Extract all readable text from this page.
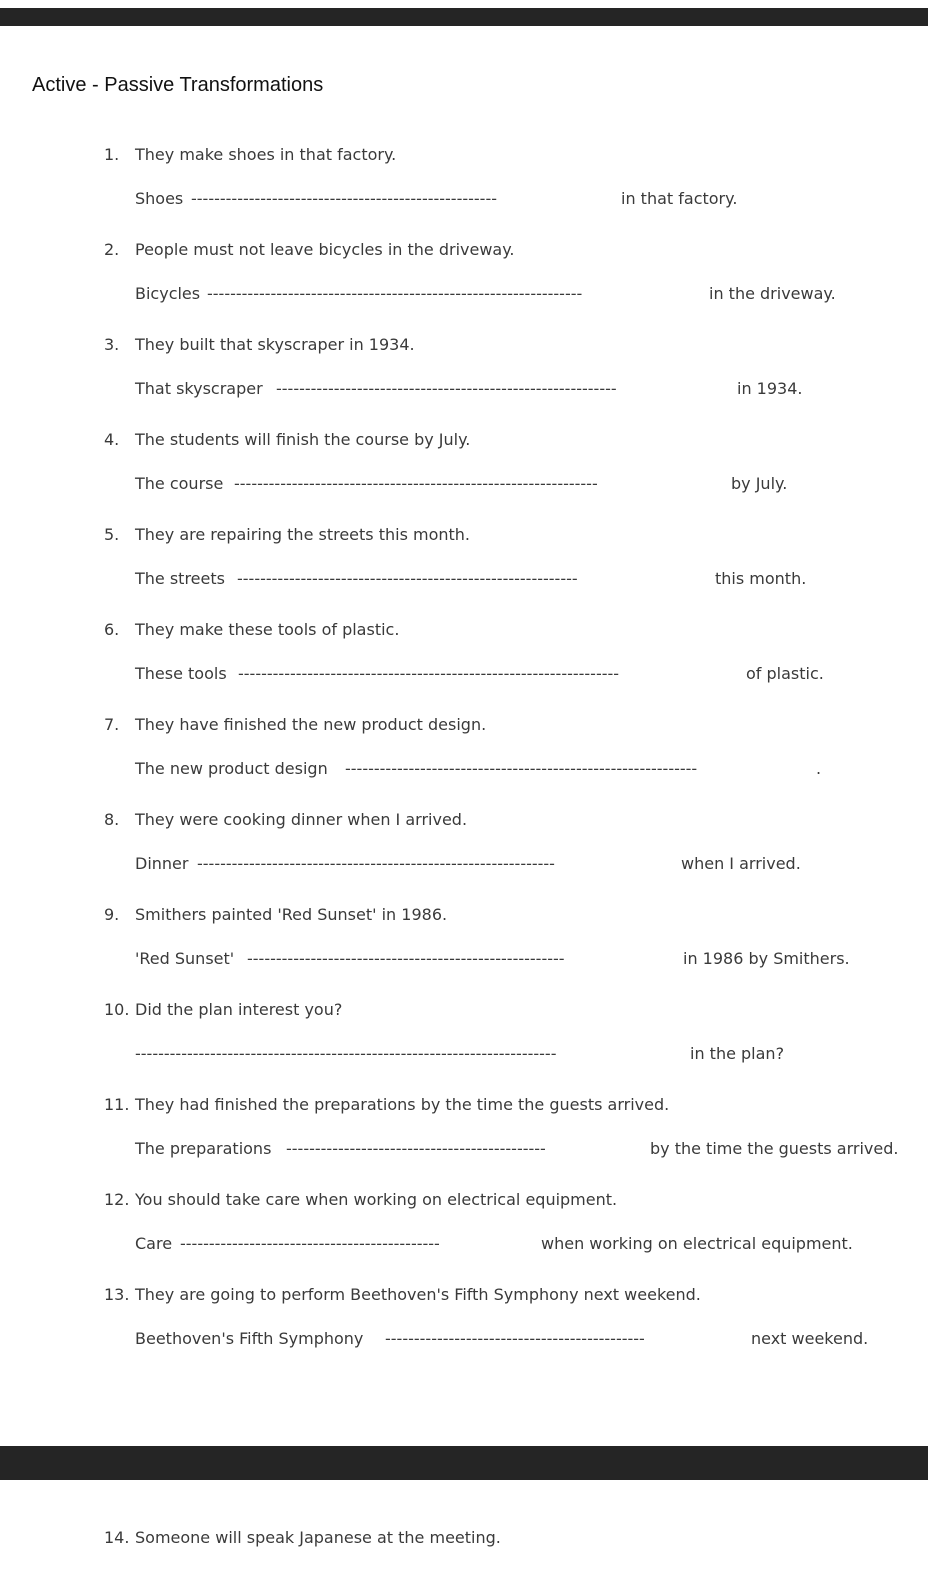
Active - Passive Transformations
1. They make shoes in that factory.
Shoes -----------------------------------------------------	in that factory.
2. People must not leave bicycles in the driveway.
Bicycles -----------------------------------------------------------------	in the driveway.
3. They built that skyscraper in 1934.
That skyscraper -----------------------------------------------------------	in 1934.
4. The students will finish the course by July.
The course ---------------------------------------------------------------	by July.
5. They are repairing the streets this month.
The streets -----------------------------------------------------------	this month.
6. They make these tools of plastic.
These tools ------------------------------------------------------------------	of plastic.
7. They have finished the new product design.
The new product design -------------------------------------------------------------	.
8. They were cooking dinner when I arrived.
Dinner --------------------------------------------------------------	when I arrived.
9. Smithers painted 'Red Sunset' in 1986.
'Red Sunset' -------------------------------------------------------	in 1986 by Smithers.
10. Did the plan interest you?
-------------------------------------------------------------------------	in the plan?
11. They had finished the preparations by the time the guests arrived.
The preparations ---------------------------------------------	by the time the guests arrived.
12. You should take care when working on electrical equipment.
Care ---------------------------------------------	when working on electrical equipment.
13. They are going to perform Beethoven's Fifth Symphony next weekend.
Beethoven's Fifth Symphony ---------------------------------------------	next weekend.
14. Someone will speak Japanese at the meeting.
